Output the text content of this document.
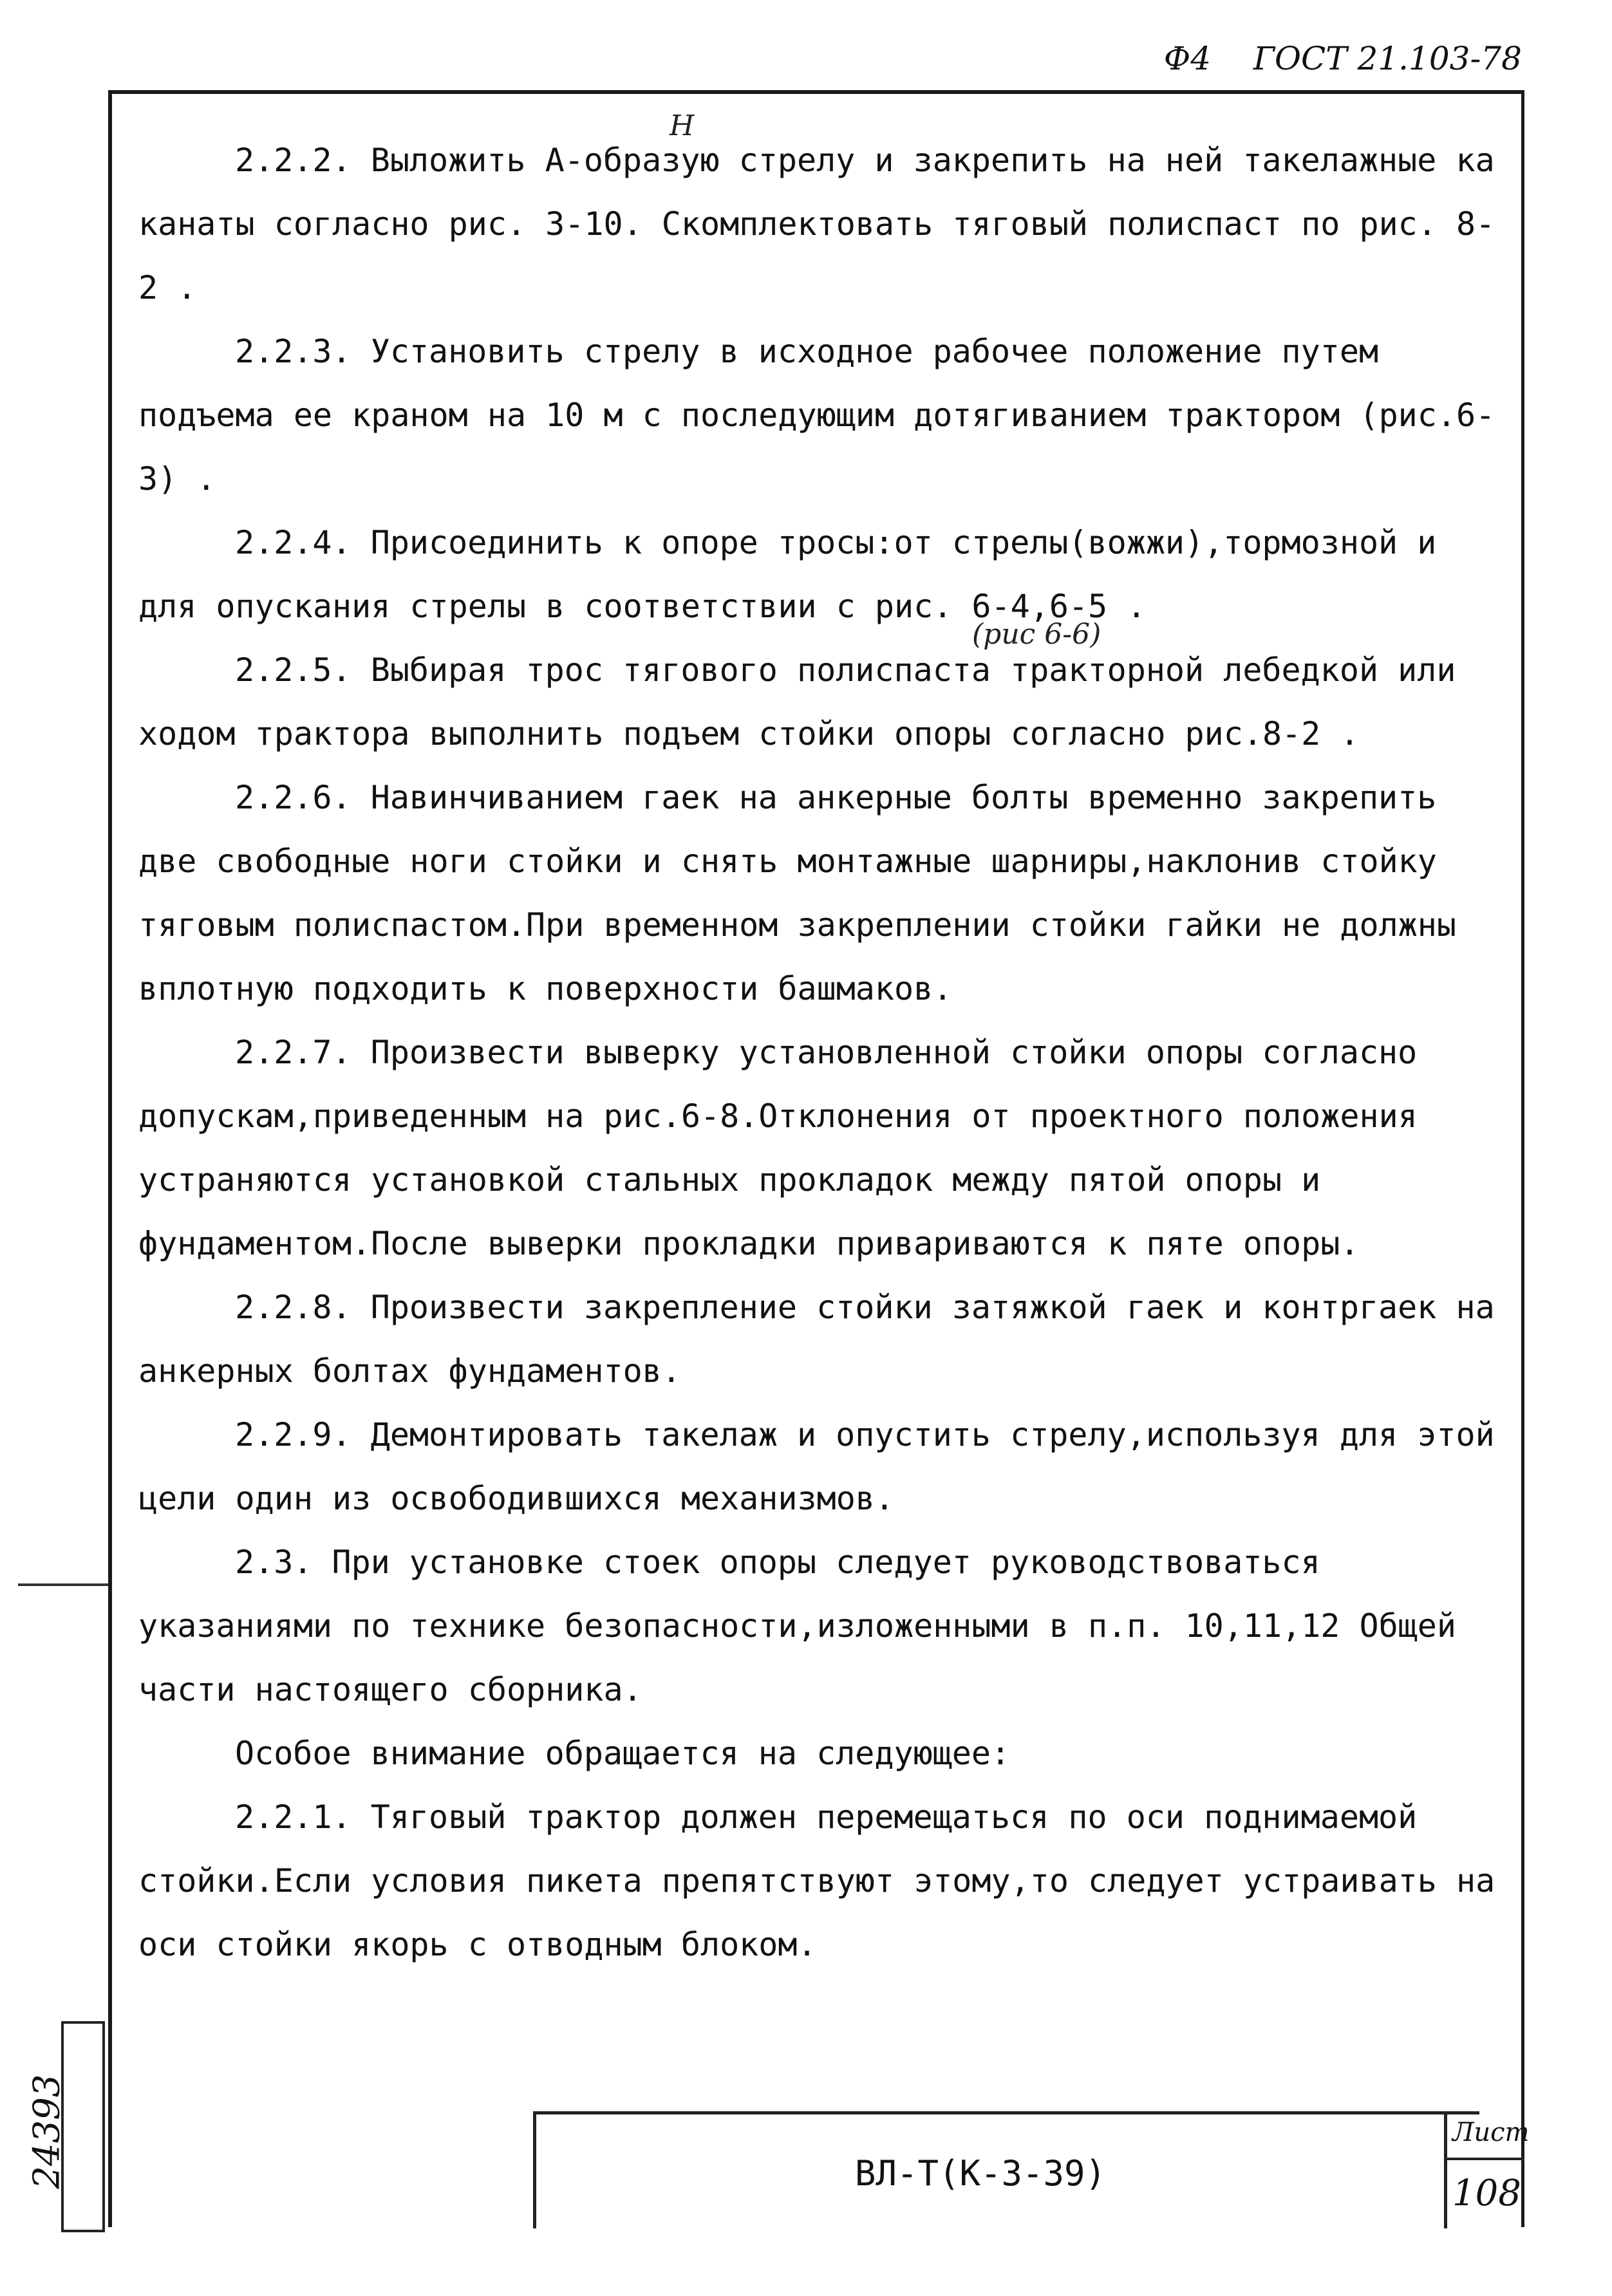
Ф4 ГОСТ 21.103-78
Н
(рис 6-6)

2.2.2. Выложить А-образую стрелу и закрепить на ней такелажные ка канаты согласно рис. 3-10. Скомплектовать тяговый полиспаст по рис. 8-2 .

2.2.3. Установить стрелу в исходное рабочее положение путем подъема ее краном на 10 м с последующим дотягиванием трактором (рис.6-3) .

2.2.4. Присоединить к опоре тросы:от стрелы(вожжи),тормозной и для опускания стрелы в соответствии с рис. 6-4,6-5 .

2.2.5. Выбирая трос тягового полиспаста тракторной лебедкой или ходом трактора выполнить подъем стойки опоры согласно рис.8-2 .

2.2.6. Навинчиванием гаек на анкерные болты временно закрепить две свободные ноги стойки и снять монтажные шарниры,наклонив стойку тяговым полиспастом.При временном закреплении стойки гайки не должны вплотную подходить к поверхности башмаков.

2.2.7. Произвести выверку установленной стойки опоры согласно допускам,приведенным на рис.6-8.Отклонения от проектного положения устраняются установкой стальных прокладок между пятой опоры и фундаментом.После выверки прокладки привариваются к пяте опоры.

2.2.8. Произвести закрепление стойки затяжкой гаек и контргаек на анкерных болтах фундаментов.

2.2.9. Демонтировать такелаж и опустить стрелу,используя для этой цели один из освободившихся механизмов.

2.3. При установке стоек опоры следует руководствоваться указаниями по технике безопасности,изложенными в п.п. 10,11,12 Общей части настоящего сборника.

Особое внимание обращается на следующее:

2.2.1. Тяговый трактор должен перемещаться по оси поднимаемой стойки.Если условия пикета препятствуют этому,то следует устраивать на оси стойки якорь с отводным блоком.

24393	ВЛ-Т(К-3-39)
Лист
108
